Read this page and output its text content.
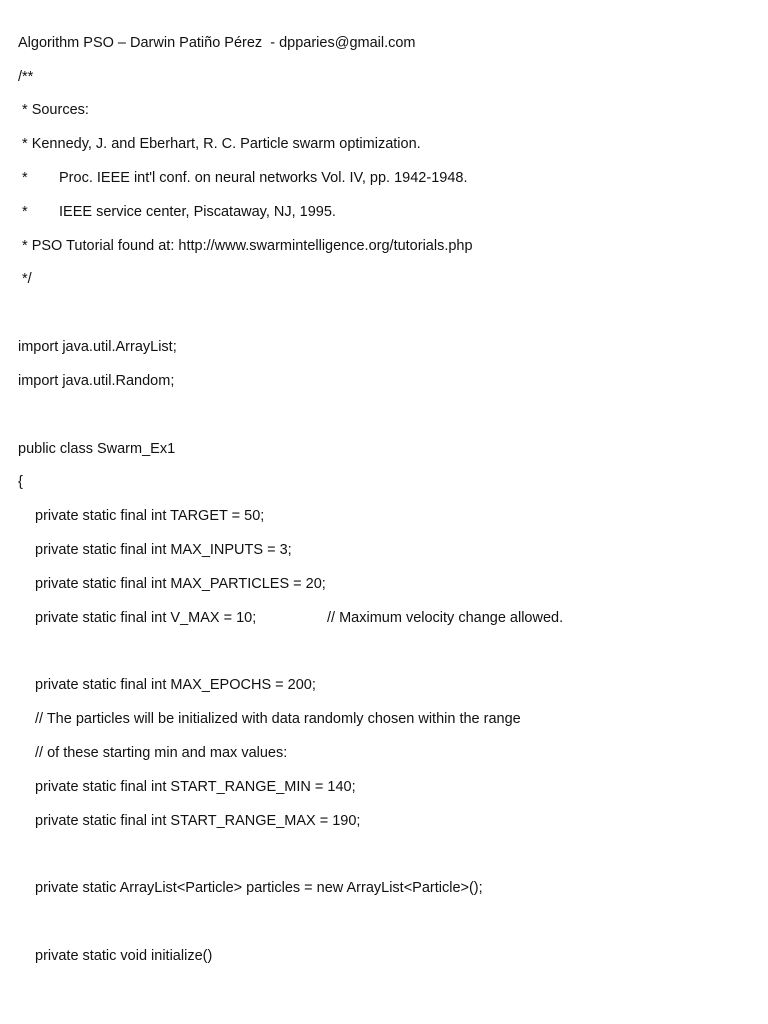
Algorithm PSO – Darwin Patiño Pérez  - dpparies@gmail.com
/**
* Sources:
* Kennedy, J. and Eberhart, R. C. Particle swarm optimization.
* Proc. IEEE int'l conf. on neural networks Vol. IV, pp. 1942-1948.
* IEEE service center, Piscataway, NJ, 1995.
* PSO Tutorial found at: http://www.swarmintelligence.org/tutorials.php
*/
import java.util.ArrayList;
import java.util.Random;
public class Swarm_Ex1
{
private static final int TARGET = 50;
private static final int MAX_INPUTS = 3;
private static final int MAX_PARTICLES = 20;
private static final int V_MAX = 10;	// Maximum velocity change allowed.
private static final int MAX_EPOCHS = 200;
// The particles will be initialized with data randomly chosen within the range
// of these starting min and max values:
private static final int START_RANGE_MIN = 140;
private static final int START_RANGE_MAX = 190;
private static ArrayList<Particle> particles = new ArrayList<Particle>();
private static void initialize()
